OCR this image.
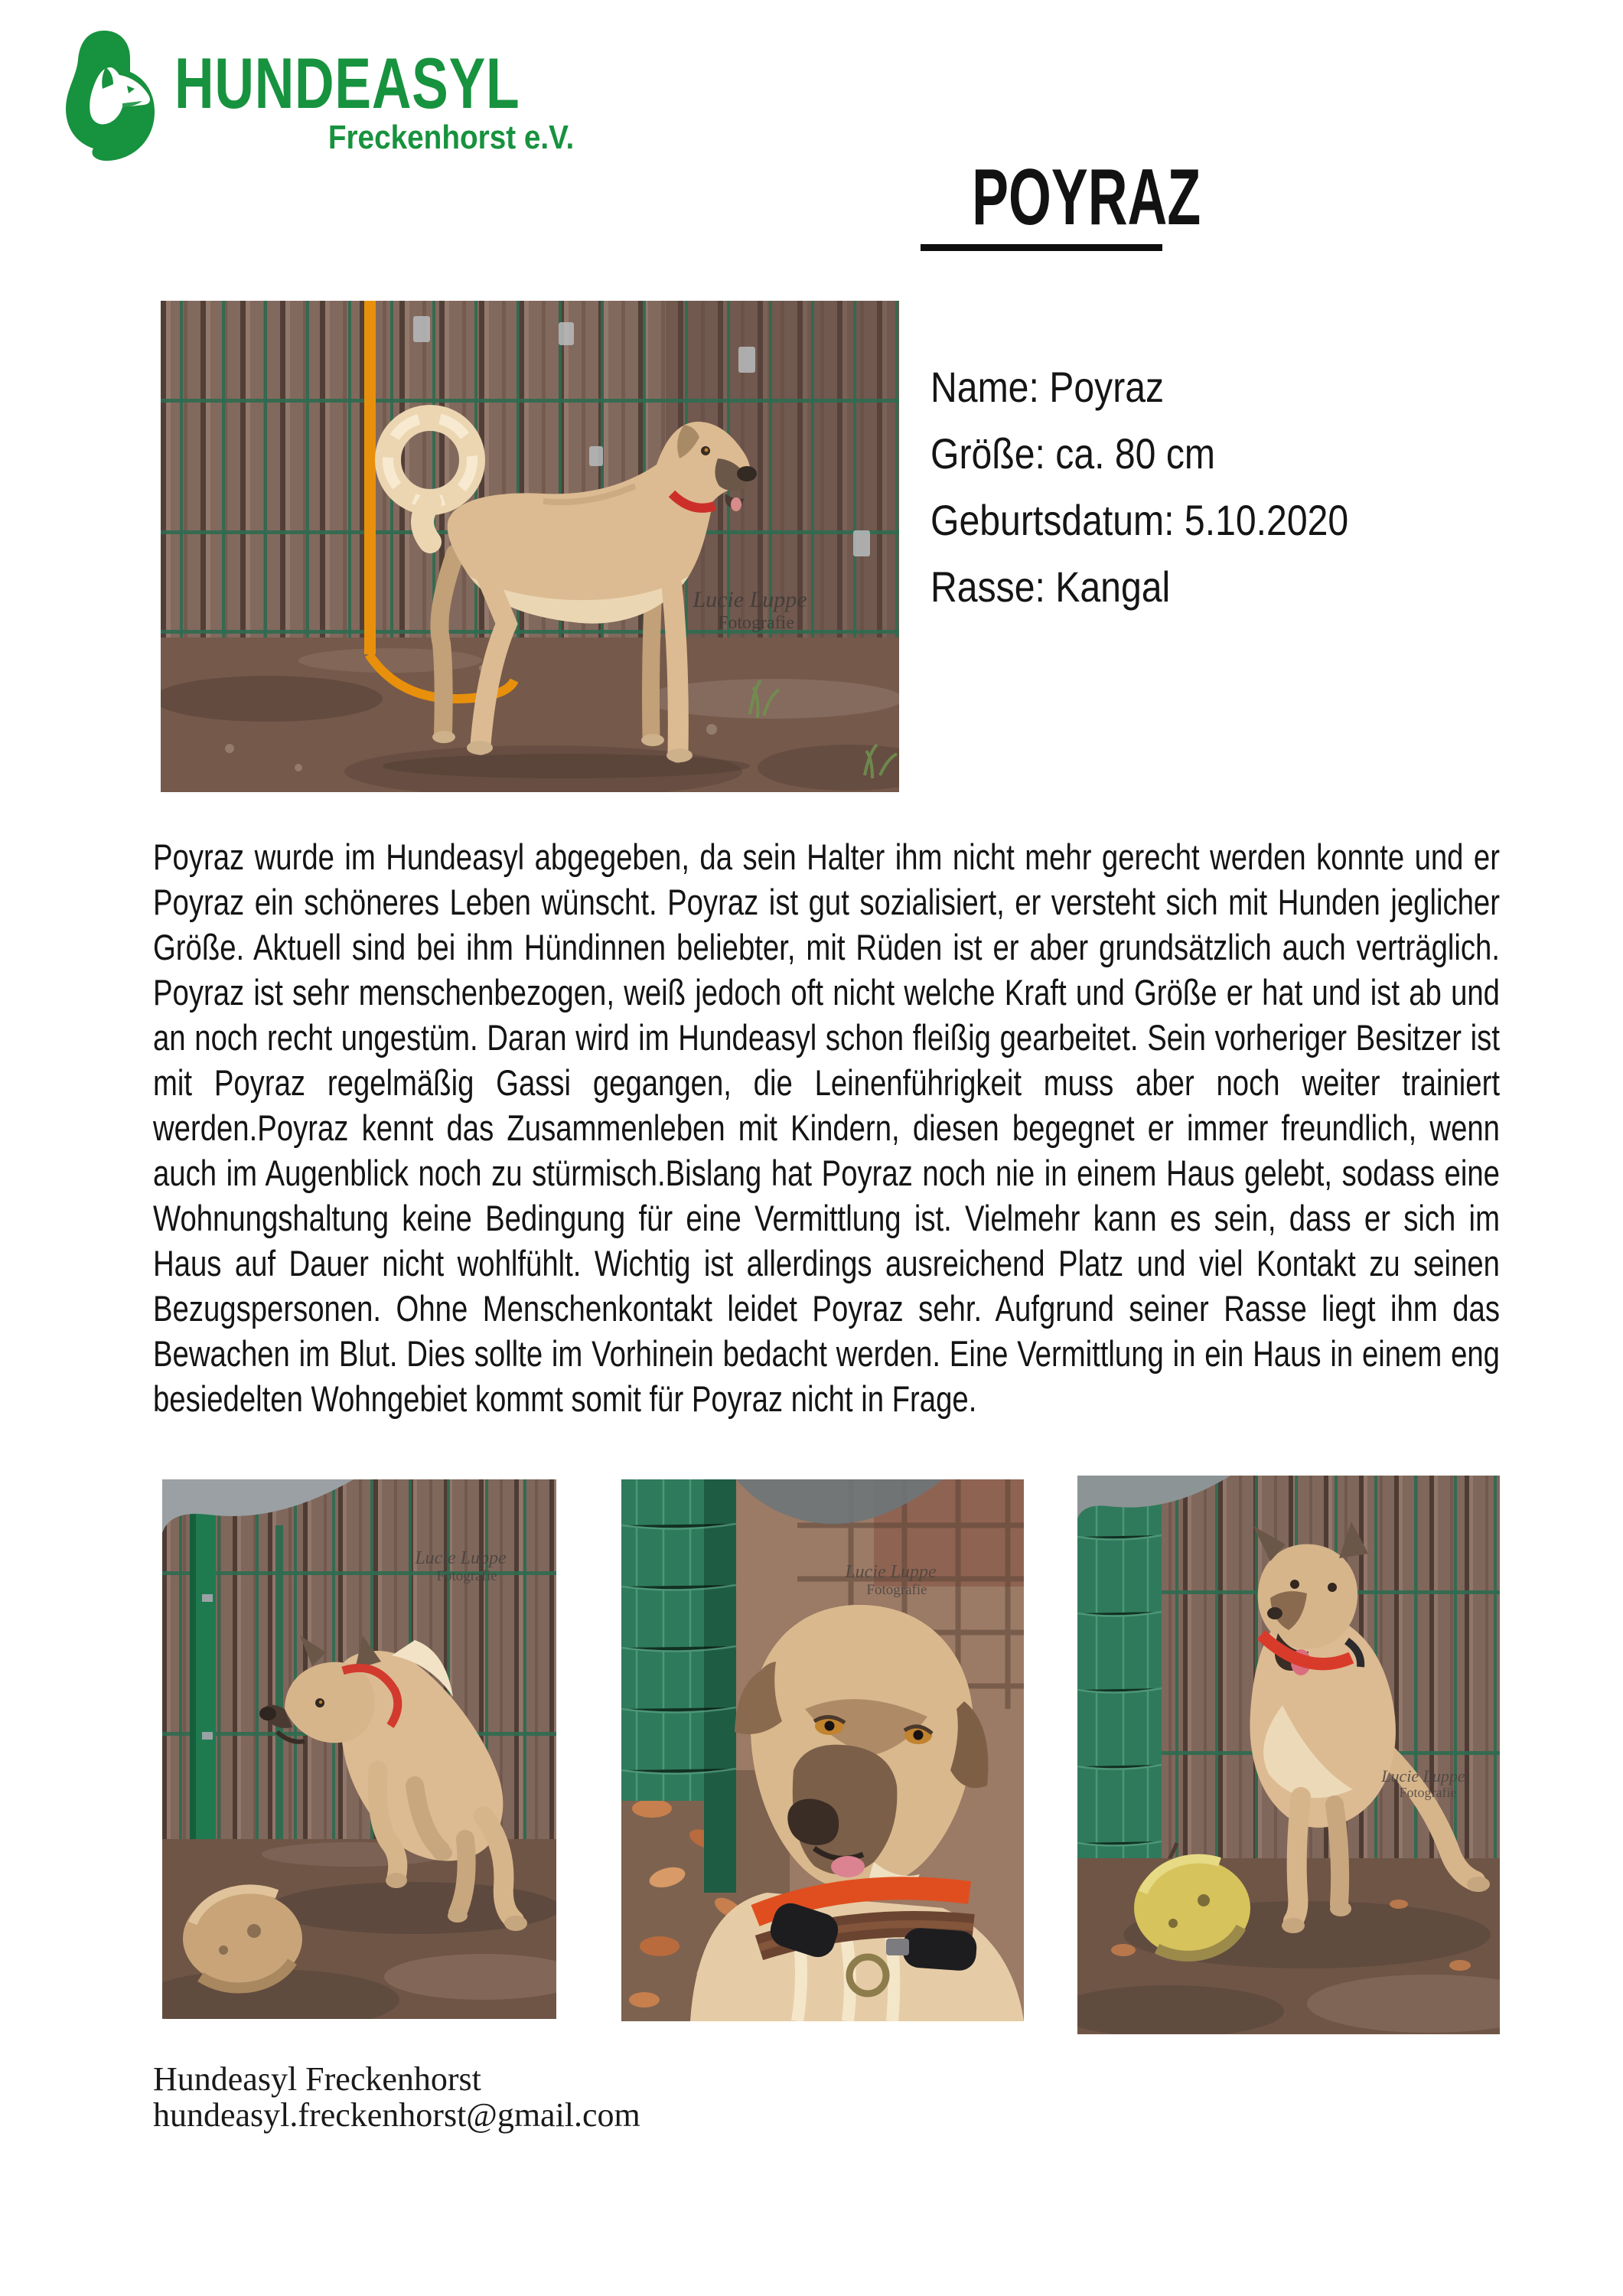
HUNDEASYL
Freckenhorst e.V.
POYRAZ
Lucie Luppe
Fotografie
Name: Poyraz
Größe: ca. 80 cm
Geburtsdatum: 5.10.2020
Rasse: Kangal
Poyraz wurde im Hundeasyl abgegeben, da sein Halter ihm nicht mehr gerecht werden konnte und er Poyraz ein schöneres Leben wünscht. Poyraz ist gut sozialisiert, er versteht sich mit Hunden jeglicher Größe. Aktuell sind bei ihm Hündinnen beliebter, mit Rüden ist er aber grundsätzlich auch verträglich. Poyraz ist sehr menschenbezogen, weiß jedoch oft nicht welche Kraft und Größe er hat und ist ab und an noch recht ungestüm. Daran wird im Hundeasyl schon fleißig gearbeitet. Sein vorheriger Besitzer ist mit Poyraz regelmäßig Gassi gegangen, die Leinenführigkeit muss aber noch weiter trainiert werden.Poyraz kennt das Zusammenleben mit Kindern, diesen begegnet er immer freundlich, wenn auch im Augenblick noch zu stürmisch.Bislang hat Poyraz noch nie in einem Haus gelebt, sodass eine Wohnungshaltung keine Bedingung für eine Vermittlung ist. Vielmehr kann es sein, dass er sich im Haus auf Dauer nicht wohlfühlt. Wichtig ist allerdings ausreichend Platz und viel Kontakt zu seinen Bezugspersonen. Ohne Menschenkontakt leidet Poyraz sehr. Aufgrund seiner Rasse liegt ihm das Bewachen im Blut. Dies sollte im Vorhinein bedacht werden. Eine Vermittlung in ein Haus in einem eng besiedelten Wohngebiet kommt somit für Poyraz nicht in Frage.
Lucie Luppe
Fotografie	Lucie Luppe
Fotografie
Lucie Luppe
Fotografie
Hundeasyl Freckenhorst
hundeasyl.freckenhorst@gmail.com
